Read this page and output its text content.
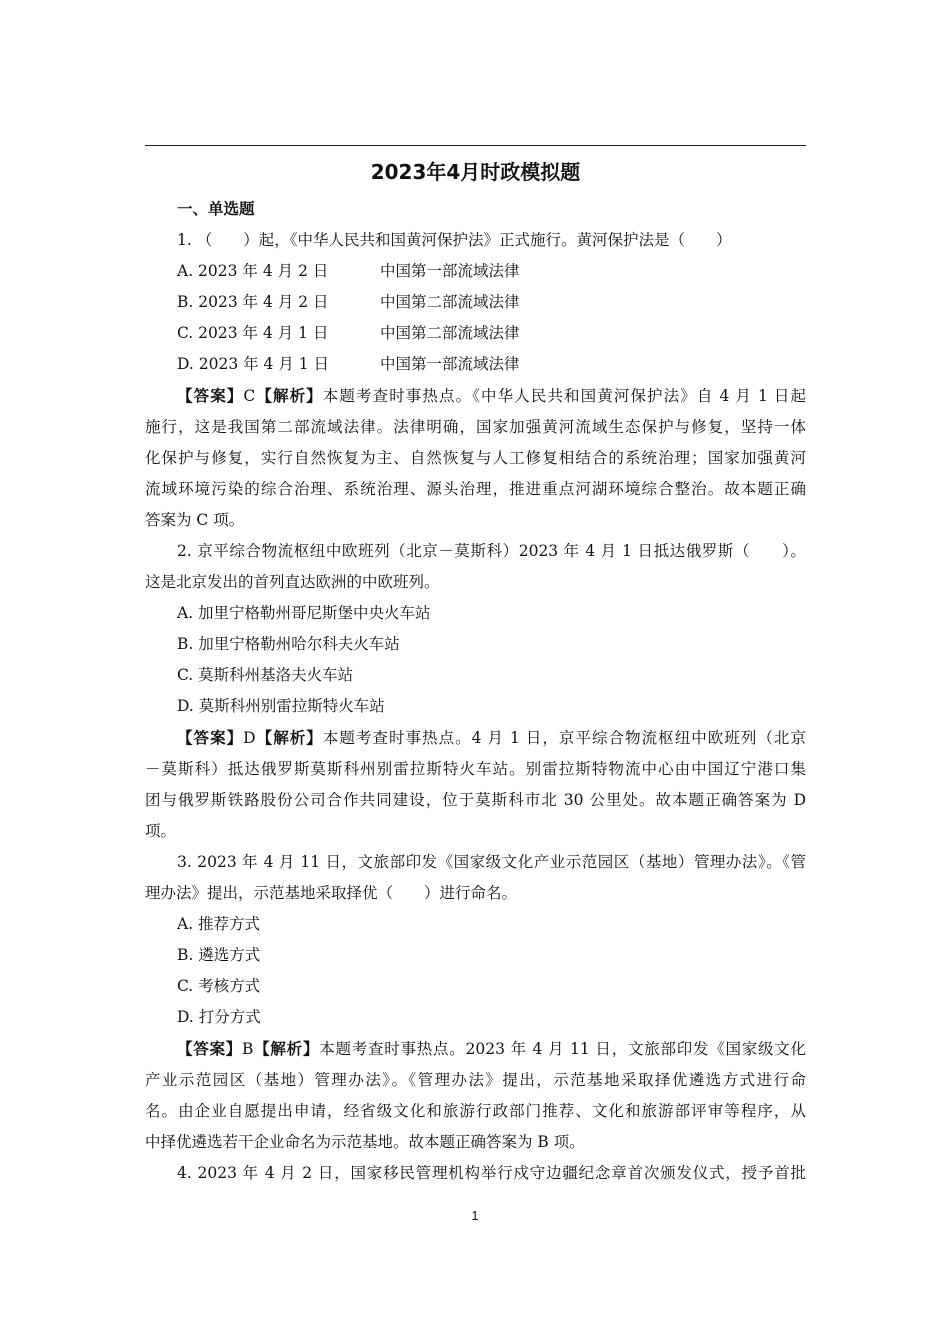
2023年4月时政模拟题
一、单选题
1. （　　）起，《中华人民共和国黄河保护法》正式施行。黄河保护法是（　　）
A. 2023 年 4 月 2 日	中国第一部流域法律
B. 2023 年 4 月 2 日	中国第二部流域法律
C. 2023 年 4 月 1 日	中国第二部流域法律
D. 2023 年 4 月 1 日	中国第一部流域法律
【答案】C【解析】本题考查时事热点。《中华人民共和国黄河保护法》自 4 月 1 日起
施行，这是我国第二部流域法律。法律明确，国家加强黄河流域生态保护与修复，坚持一体
化保护与修复，实行自然恢复为主、自然恢复与人工修复相结合的系统治理；国家加强黄河
流域环境污染的综合治理、系统治理、源头治理，推进重点河湖环境综合整治。故本题正确
答案为 C 项。
2. 京平综合物流枢纽中欧班列（北京－莫斯科）2023 年 4 月 1 日抵达俄罗斯（　　）。
这是北京发出的首列直达欧洲的中欧班列。
A. 加里宁格勒州哥尼斯堡中央火车站
B. 加里宁格勒州哈尔科夫火车站
C. 莫斯科州基洛夫火车站
D. 莫斯科州别雷拉斯特火车站
【答案】D【解析】本题考查时事热点。4 月 1 日，京平综合物流枢纽中欧班列（北京
－莫斯科）抵达俄罗斯莫斯科州别雷拉斯特火车站。别雷拉斯特物流中心由中国辽宁港口集
团与俄罗斯铁路股份公司合作共同建设，位于莫斯科市北 30 公里处。故本题正确答案为 D
项。
3. 2023 年 4 月 11 日，文旅部印发《国家级文化产业示范园区（基地）管理办法》。《管
理办法》提出，示范基地采取择优（　　）进行命名。
A. 推荐方式
B. 遴选方式
C. 考核方式
D. 打分方式
【答案】B【解析】本题考查时事热点。2023 年 4 月 11 日，文旅部印发《国家级文化
产业示范园区（基地）管理办法》。《管理办法》提出，示范基地采取择优遴选方式进行命
名。由企业自愿提出申请，经省级文化和旅游行政部门推荐、文化和旅游部评审等程序，从
中择优遴选若干企业命名为示范基地。故本题正确答案为 B 项。
4. 2023 年 4 月 2 日，国家移民管理机构举行戍守边疆纪念章首次颁发仪式，授予首批
1
